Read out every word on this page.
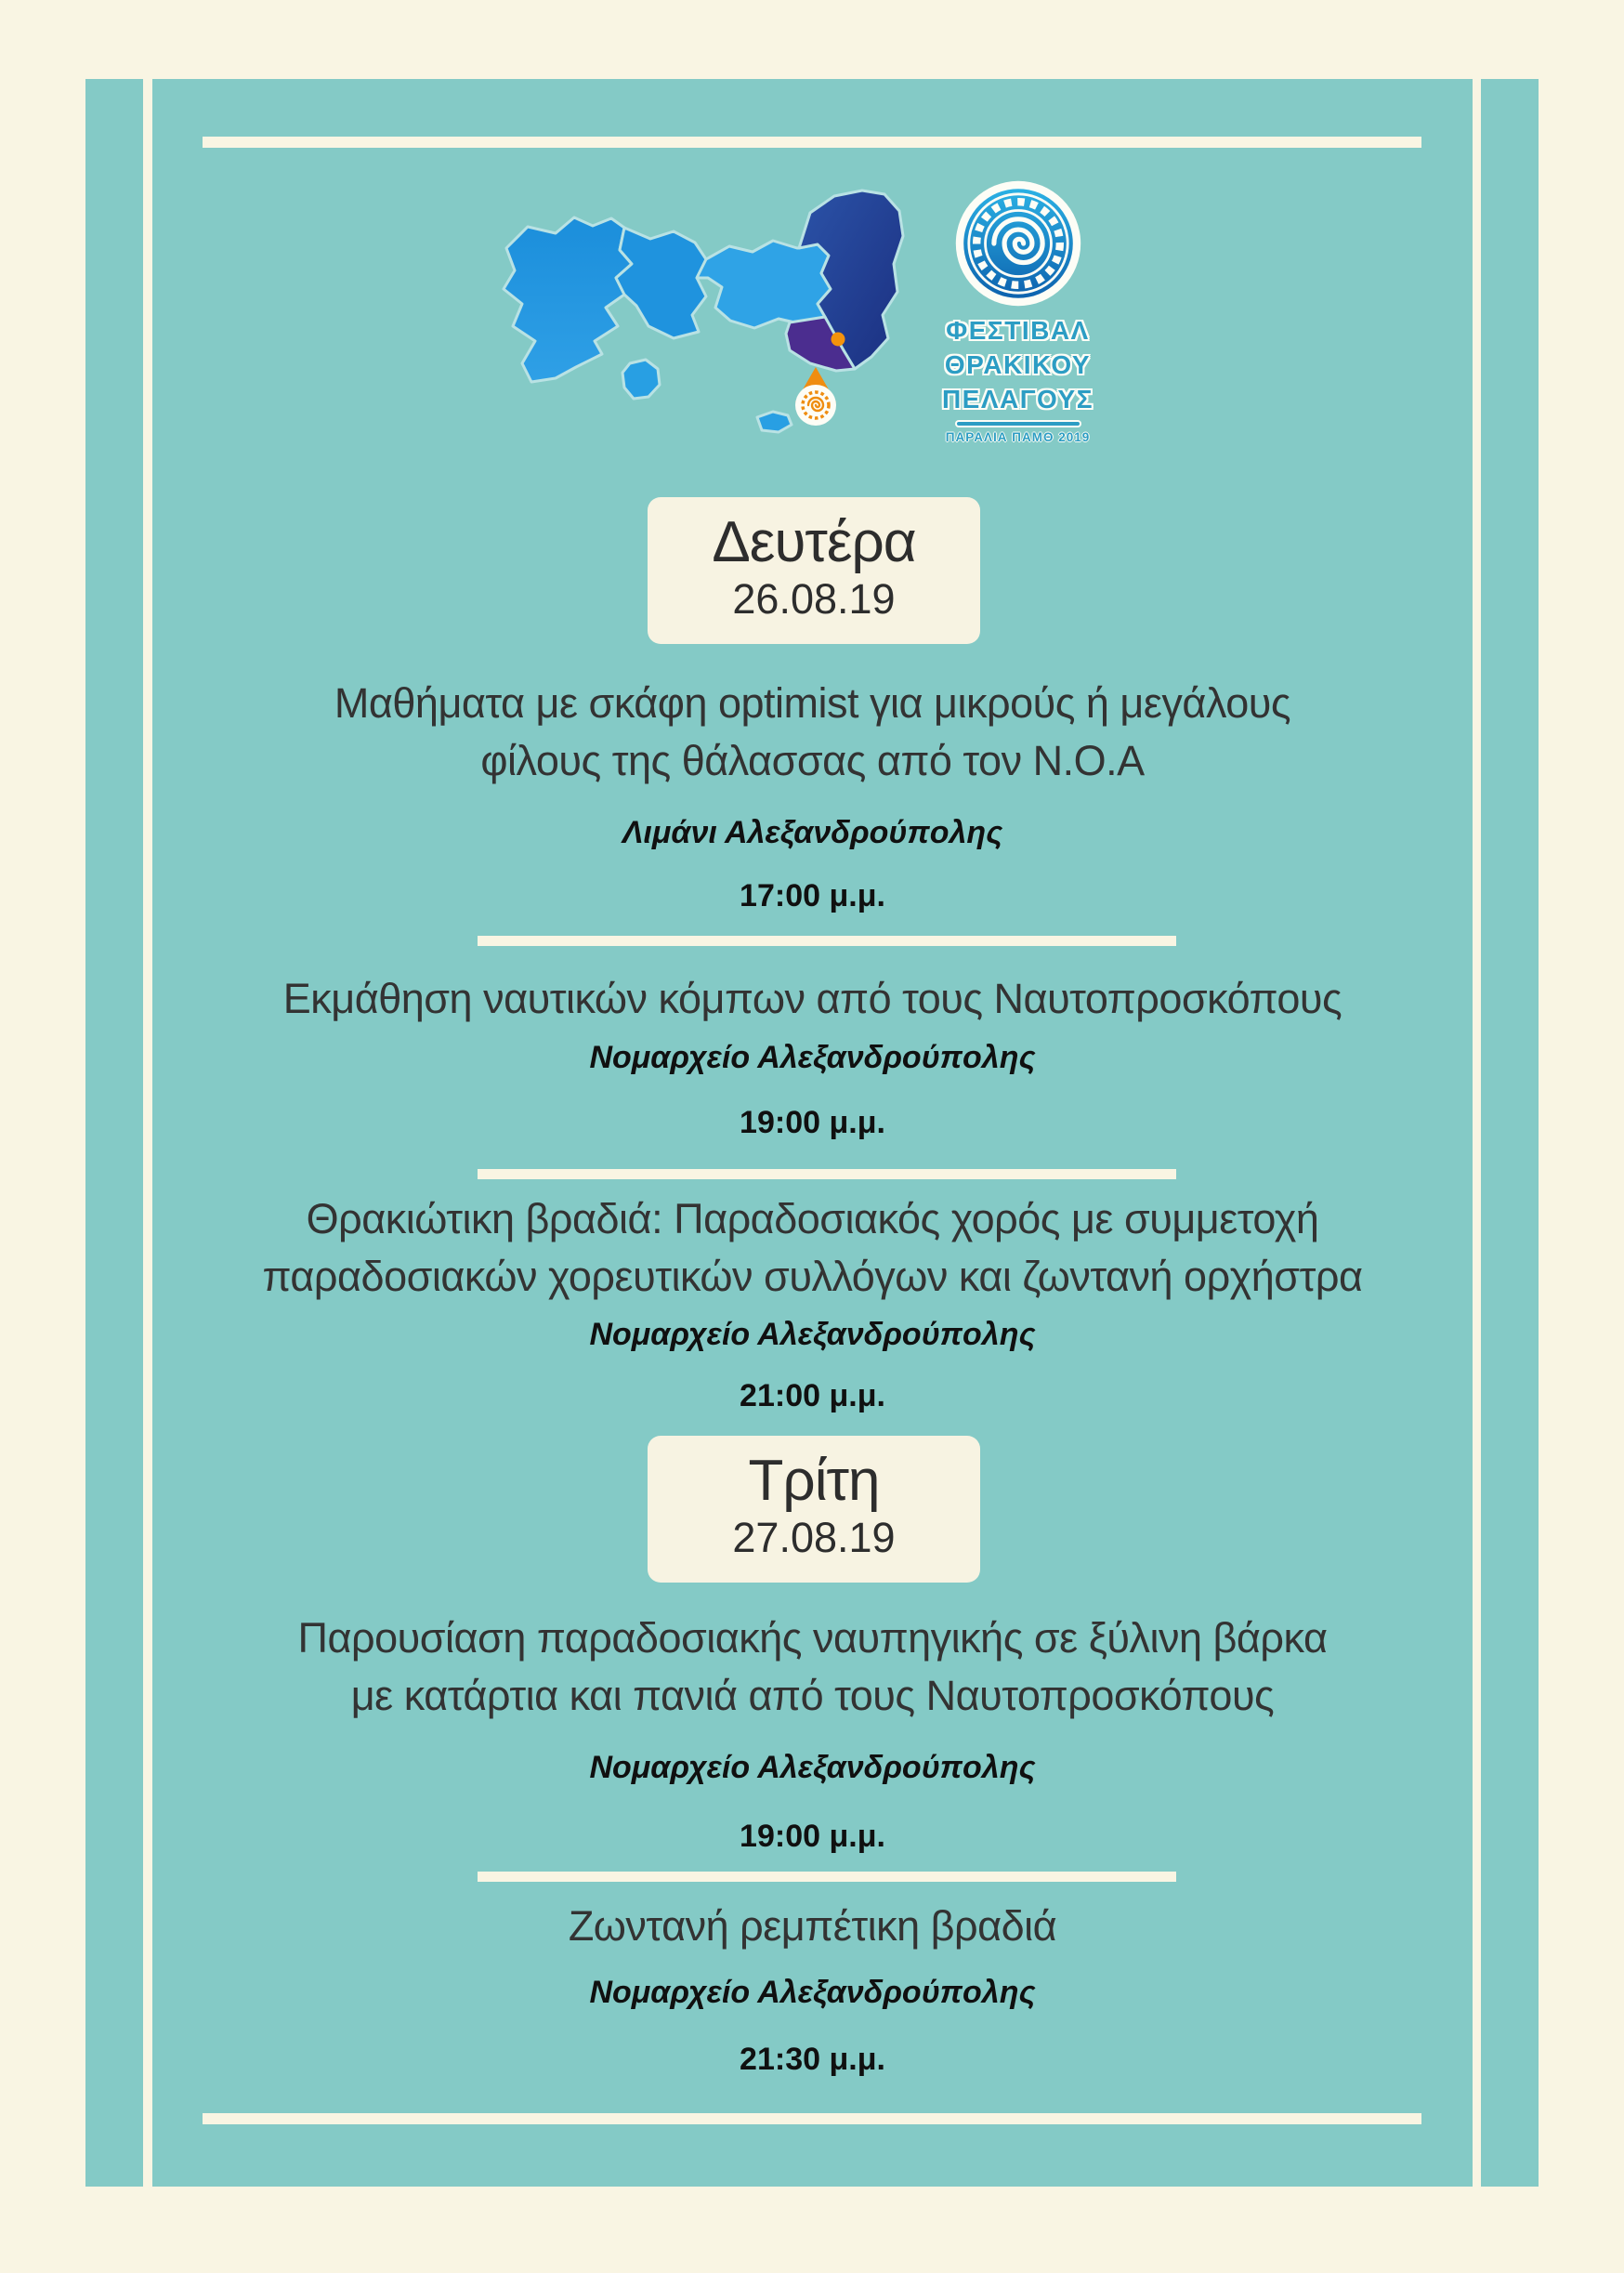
ΦΕΣΤΙΒΑΛ
ΘΡΑΚΙΚΟΥ
ΠΕΛΑΓΟΥΣ
ΠΑΡΑΛΙΑ ΠΑΜΘ 2019
Δευτέρα
26.08.19
Μαθήματα με σκάφη optimist για μικρούς ή μεγάλους
φίλους της θάλασσας από τον Ν.Ο.Α
Λιμάνι Αλεξανδρούπολης
17:00 μ.μ.
Εκμάθηση ναυτικών κόμπων από τους Ναυτοπροσκόπους
Νομαρχείο Αλεξανδρούπολης
19:00 μ.μ.
Θρακιώτικη βραδιά: Παραδοσιακός χορός με συμμετοχή
παραδοσιακών χορευτικών συλλόγων και ζωντανή ορχήστρα
Νομαρχείο Αλεξανδρούπολης
21:00 μ.μ.
Τρίτη
27.08.19
Παρουσίαση παραδοσιακής ναυπηγικής σε ξύλινη βάρκα
με κατάρτια και πανιά από τους Ναυτοπροσκόπους
Νομαρχείο Αλεξανδρούπολης
19:00 μ.μ.
Ζωντανή ρεμπέτικη βραδιά
Νομαρχείο Αλεξανδρούπολης
21:30 μ.μ.
